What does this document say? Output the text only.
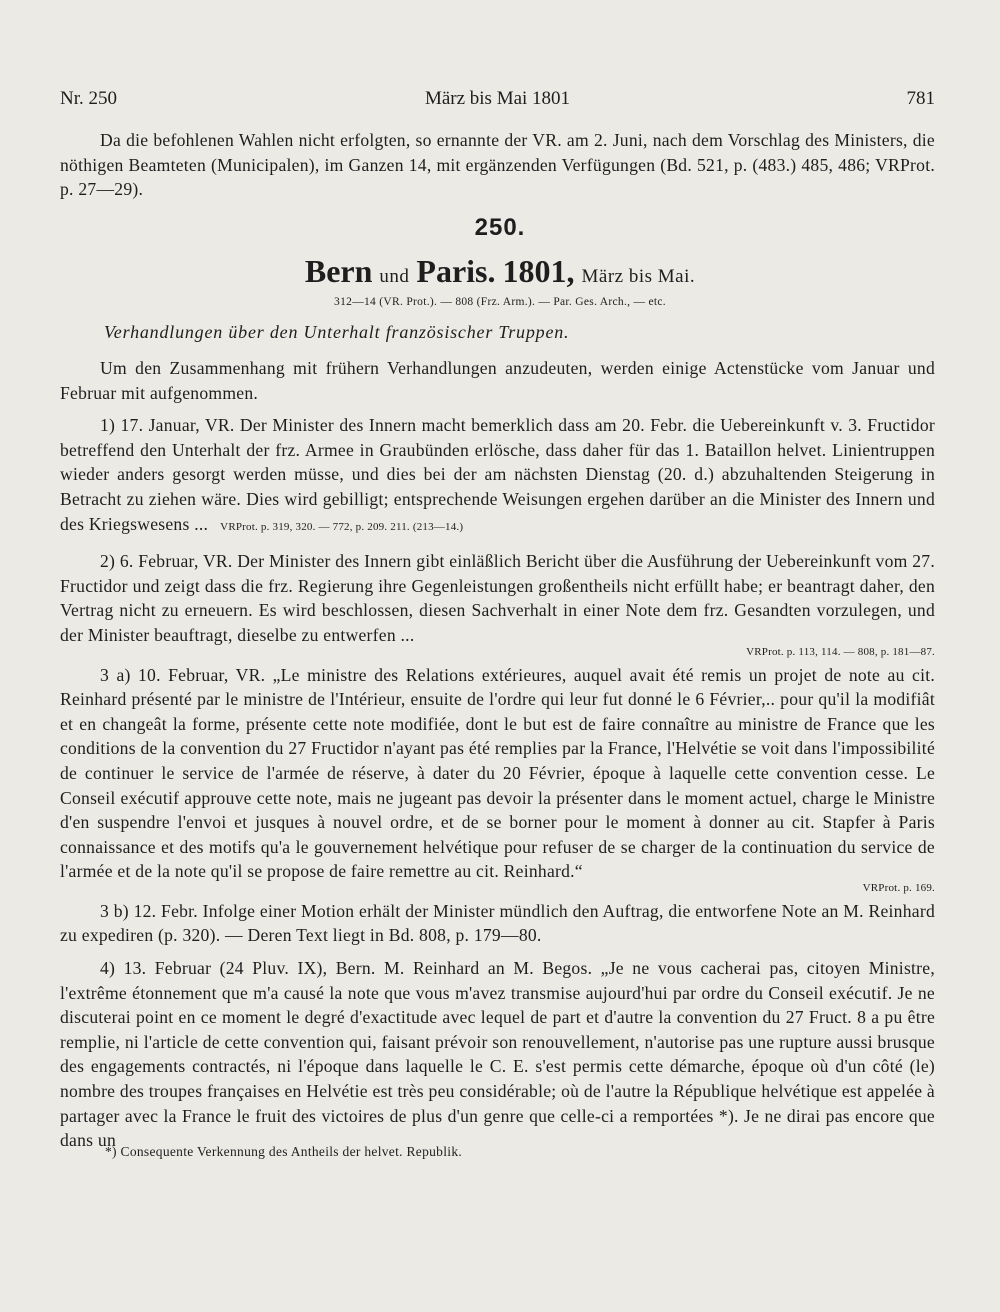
Nr. 250	März bis Mai 1801	781

Da die befohlenen Wahlen nicht erfolgten, so ernannte der VR. am 2. Juni, nach dem Vorschlag des Ministers, die nöthigen Beamteten (Municipalen), im Ganzen 14, mit ergänzenden Verfügungen (Bd. 521, p. (483.) 485, 486; VRProt. p. 27—29).

250.
Bern und Paris. 1801, März bis Mai.
312—14 (VR. Prot.). — 808 (Frz. Arm.). — Par. Ges. Arch., — etc.
Verhandlungen über den Unterhalt französischer Truppen.

Um den Zusammenhang mit frühern Verhandlungen anzudeuten, werden einige Actenstücke vom Januar und Februar mit aufgenommen.

1) 17. Januar, VR. Der Minister des Innern macht bemerklich dass am 20. Febr. die Uebereinkunft v. 3. Fructidor betreffend den Unterhalt der frz. Armee in Graubünden erlösche, dass daher für das 1. Bataillon helvet. Linientruppen wieder anders gesorgt werden müsse, und dies bei der am nächsten Dienstag (20. d.) abzuhaltenden Steigerung in Betracht zu ziehen wäre. Dies wird gebilligt; entsprechende Weisungen ergehen darüber an die Minister des Innern und des Kriegswesens ... VRProt. p. 319, 320. — 772, p. 209. 211. (213—14.)

2) 6. Februar, VR. Der Minister des Innern gibt einläßlich Bericht über die Ausführung der Uebereinkunft vom 27. Fructidor und zeigt dass die frz. Regierung ihre Gegenleistungen großentheils nicht erfüllt habe; er beantragt daher, den Vertrag nicht zu erneuern. Es wird beschlossen, diesen Sachverhalt in einer Note dem frz. Gesandten vorzulegen, und der Minister beauftragt, dieselbe zu entwerfen ...

VRProt. p. 113, 114. — 808, p. 181—87.

3 a) 10. Februar, VR. „Le ministre des Relations extérieures, auquel avait été remis un projet de note au cit. Reinhard présenté par le ministre de l'Intérieur, ensuite de l'ordre qui leur fut donné le 6 Février,.. pour qu'il la modifiât et en changeât la forme, présente cette note modifiée, dont le but est de faire connaître au ministre de France que les conditions de la convention du 27 Fructidor n'ayant pas été remplies par la France, l'Helvétie se voit dans l'impossibilité de continuer le service de l'armée de réserve, à dater du 20 Février, époque à laquelle cette convention cesse. Le Conseil exécutif approuve cette note, mais ne jugeant pas devoir la présenter dans le moment actuel, charge le Ministre d'en suspendre l'envoi et jusques à nouvel ordre, et de se borner pour le moment à donner au cit. Stapfer à Paris connaissance et des motifs qu'a le gouvernement helvétique pour refuser de se charger de la continuation du service de l'armée et de la note qu'il se propose de faire remettre au cit. Reinhard.“

VRProt. p. 169.

3 b) 12. Febr. Infolge einer Motion erhält der Minister mündlich den Auftrag, die entworfene Note an M. Reinhard zu expediren (p. 320). — Deren Text liegt in Bd. 808, p. 179—80.

4) 13. Februar (24 Pluv. IX), Bern. M. Reinhard an M. Begos. „Je ne vous cacherai pas, citoyen Ministre, l'extrême étonnement que m'a causé la note que vous m'avez transmise aujourd'hui par ordre du Conseil exécutif. Je ne discuterai point en ce moment le degré d'exactitude avec lequel de part et d'autre la convention du 27 Fruct. 8 a pu être remplie, ni l'article de cette convention qui, faisant prévoir son renouvellement, n'autorise pas une rupture aussi brusque des engagements contractés, ni l'époque dans laquelle le C. E. s'est permis cette démarche, époque où d'un côté (le) nombre des troupes françaises en Helvétie est très peu considérable; où de l'autre la République helvétique est appelée à partager avec la France le fruit des victoires de plus d'un genre que celle-ci a remportées *). Je ne dirai pas encore que dans un

*) Consequente Verkennung des Antheils der helvet. Republik.
